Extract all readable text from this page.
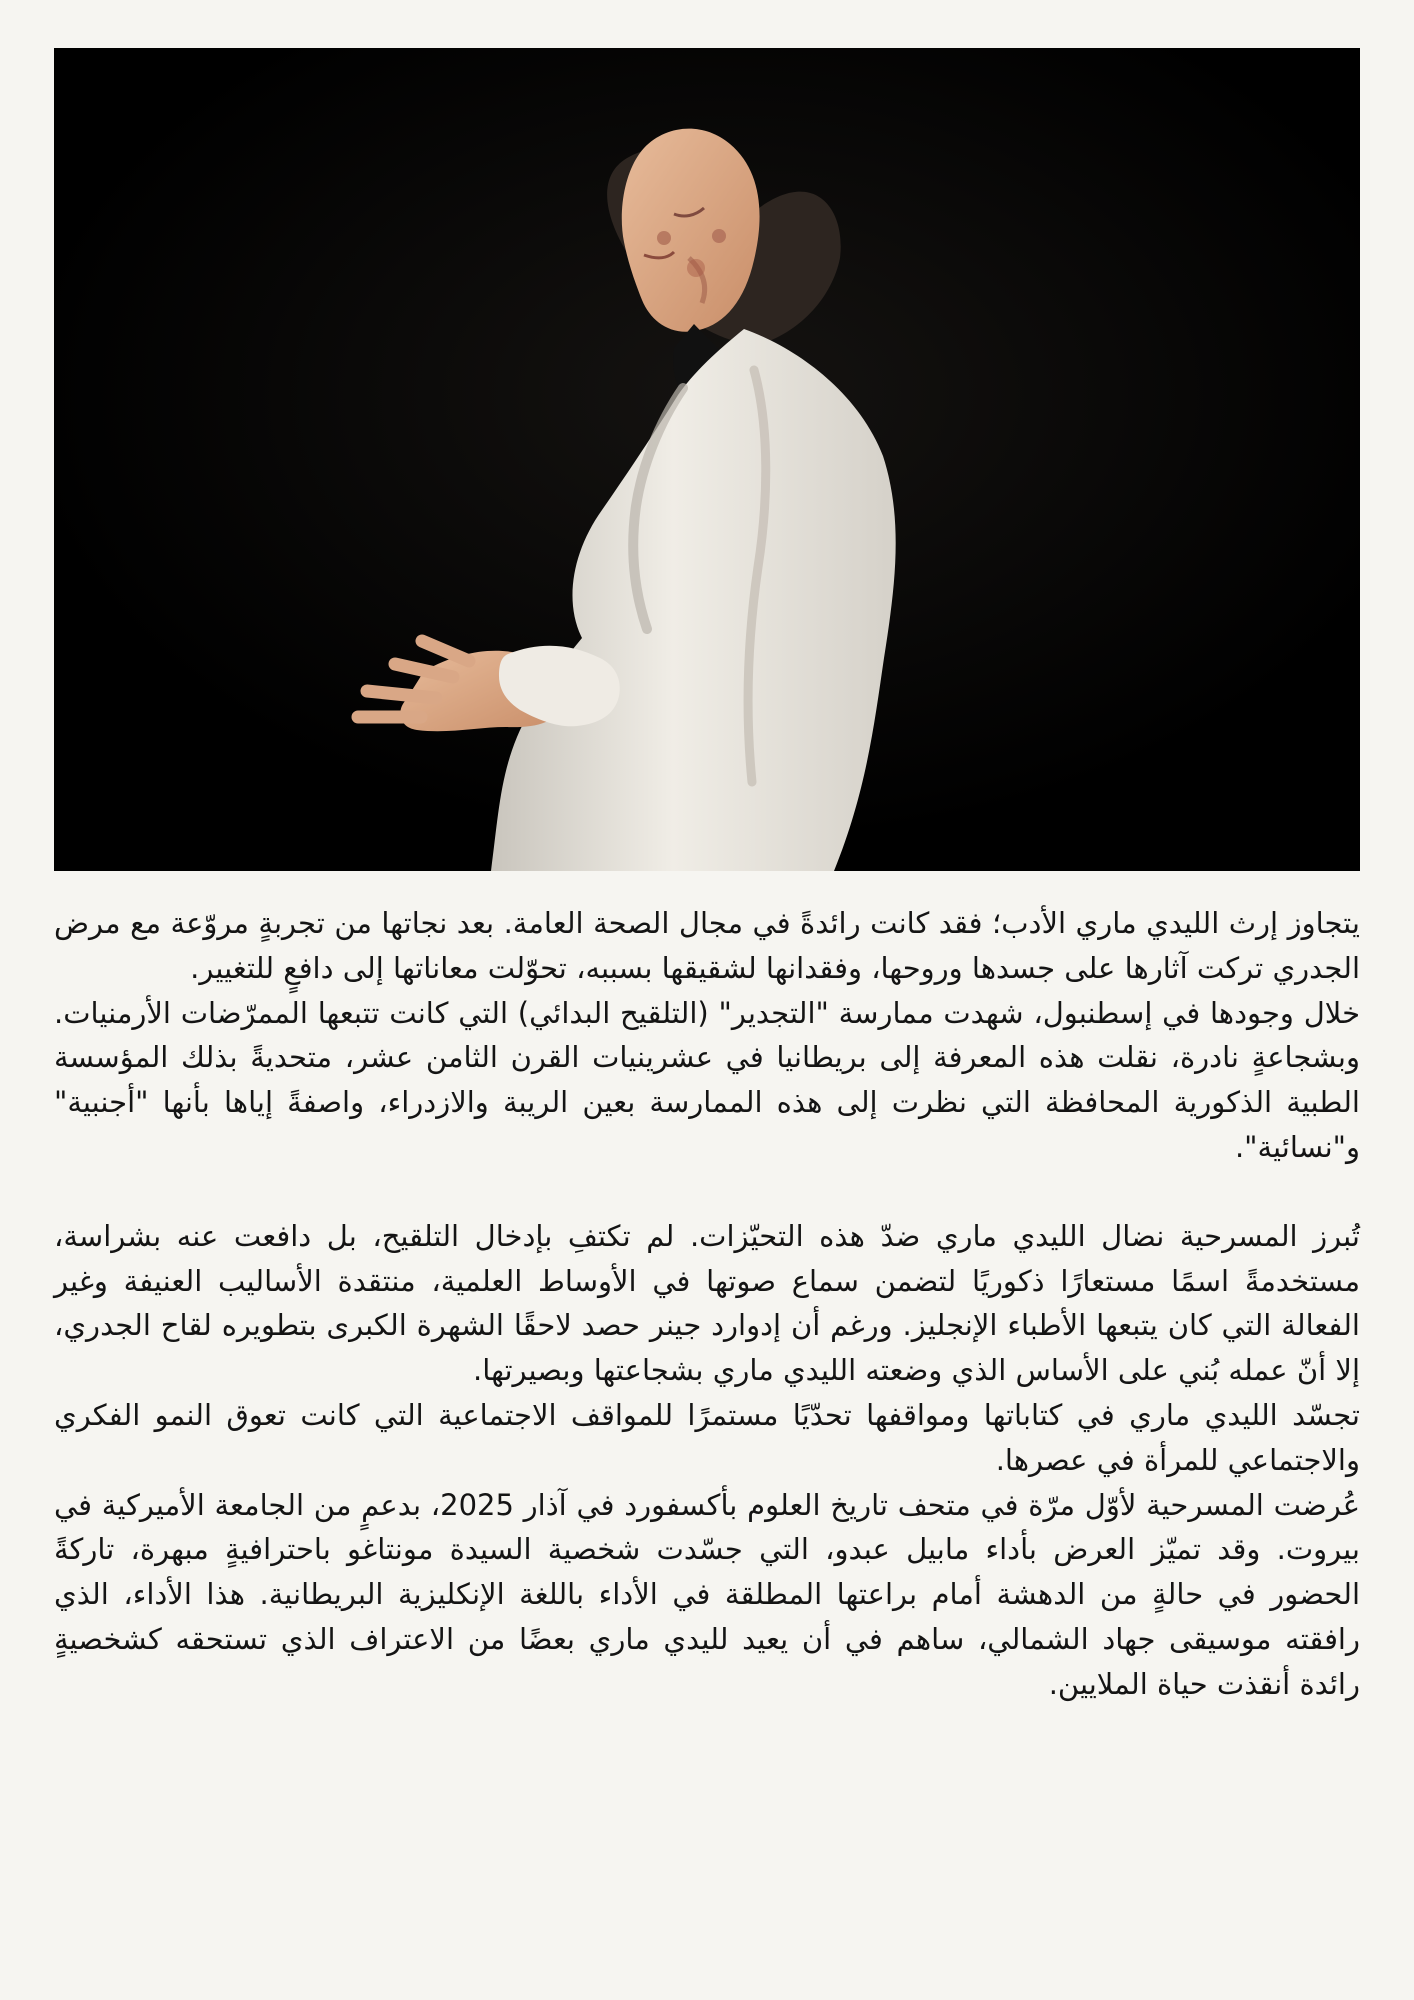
يتجاوز إرث الليدي ماري الأدب؛ فقد كانت رائدةً في مجال الصحة العامة. بعد نجاتها من تجربةٍ مروّعة مع مرض الجدري تركت آثارها على جسدها وروحها، وفقدانها لشقيقها بسببه، تحوّلت معاناتها إلى دافعٍ للتغيير.

خلال وجودها في إسطنبول، شهدت ممارسة "التجدير" (التلقيح البدائي) التي كانت تتبعها الممرّضات الأرمنيات. وبشجاعةٍ نادرة، نقلت هذه المعرفة إلى بريطانيا في عشرينيات القرن الثامن عشر، متحديةً بذلك المؤسسة الطبية الذكورية المحافظة التي نظرت إلى هذه الممارسة بعين الريبة والازدراء، واصفةً إياها بأنها "أجنبية" و"نسائية".

تُبرز المسرحية نضال الليدي ماري ضدّ هذه التحيّزات. لم تكتفِ بإدخال التلقيح، بل دافعت عنه بشراسة، مستخدمةً اسمًا مستعارًا ذكوريًا لتضمن سماع صوتها في الأوساط العلمية، منتقدة الأساليب العنيفة وغير الفعالة التي كان يتبعها الأطباء الإنجليز. ورغم أن إدوارد جينر حصد لاحقًا الشهرة الكبرى بتطويره لقاح الجدري، إلا أنّ عمله بُني على الأساس الذي وضعته الليدي ماري بشجاعتها وبصيرتها.

تجسّد الليدي ماري في كتاباتها ومواقفها تحدّيًا مستمرًا للمواقف الاجتماعية التي كانت تعوق النمو الفكري والاجتماعي للمرأة في عصرها.

عُرضت المسرحية لأوّل مرّة في متحف تاريخ العلوم بأكسفورد في آذار 2025، بدعمٍ من الجامعة الأميركية في بيروت. وقد تميّز العرض بأداء مابيل عبدو، التي جسّدت شخصية السيدة مونتاغو باحترافيةٍ مبهرة، تاركةً الحضور في حالةٍ من الدهشة أمام براعتها المطلقة في الأداء باللغة الإنكليزية البريطانية. هذا الأداء، الذي رافقته موسيقى جهاد الشمالي، ساهم في أن يعيد لليدي ماري بعضًا من الاعتراف الذي تستحقه كشخصيةٍ رائدة أنقذت حياة الملايين.
